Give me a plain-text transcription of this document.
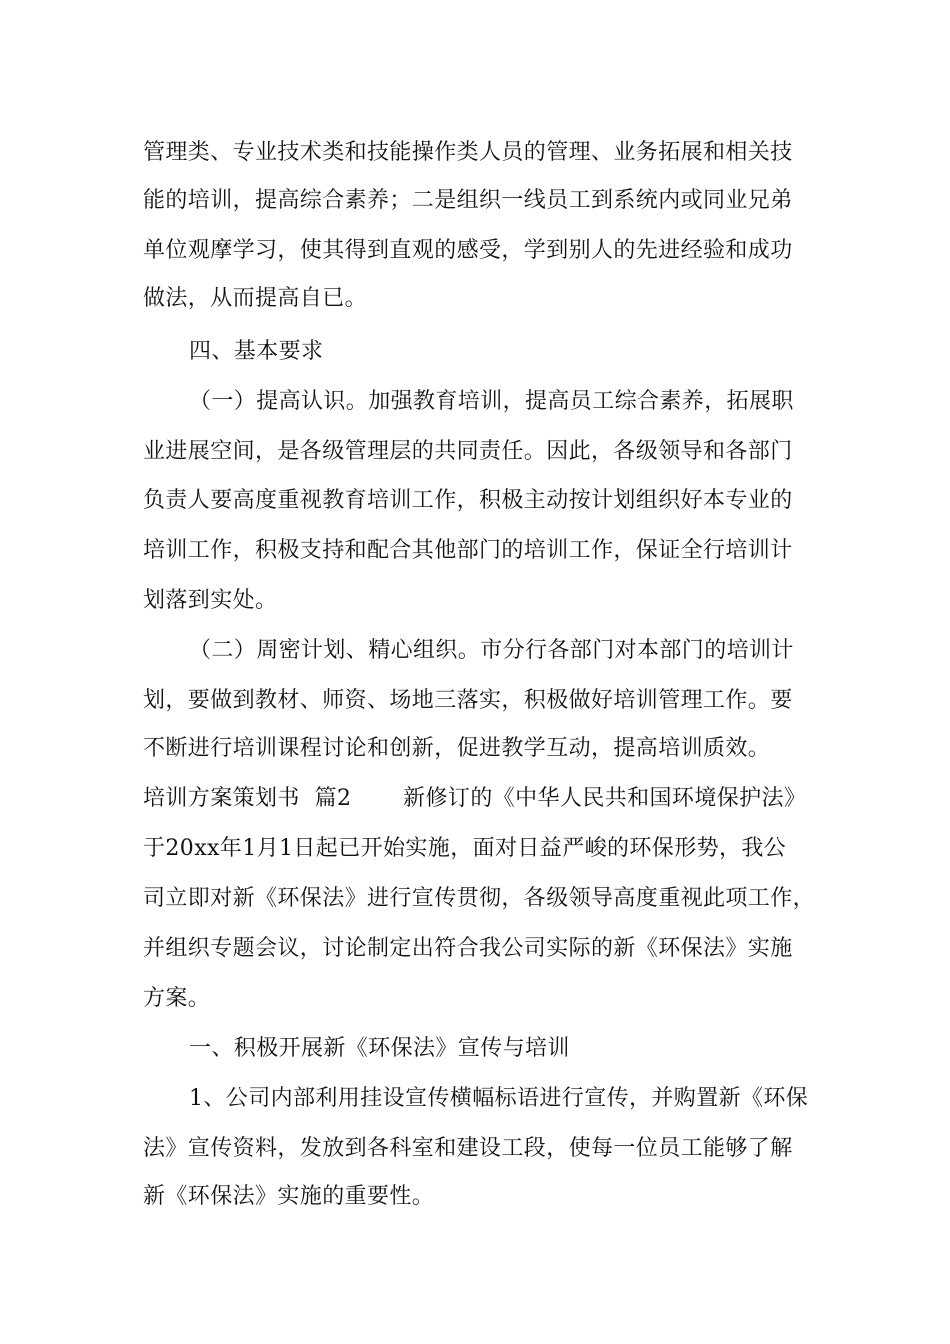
管理类、专业技术类和技能操作类人员的管理、业务拓展和相关技
能的培训，提高综合素养；二是组织一线员工到系统内或同业兄弟
单位观摩学习，使其得到直观的感受，学到别人的先进经验和成功
做法，从而提高自已。
四、基本要求
（一）提高认识。加强教育培训，提高员工综合素养，拓展职
业进展空间，是各级管理层的共同责任。因此，各级领导和各部门
负责人要高度重视教育培训工作，积极主动按计划组织好本专业的
培训工作，积极支持和配合其他部门的培训工作，保证全行培训计
划落到实处。
（二）周密计划、精心组织。市分行各部门对本部门的培训计
划，要做到教材、师资、场地三落实，积极做好培训管理工作。要
不断进行培训课程讨论和创新，促进教学互动，提高培训质效。
培训方案策划书  篇2       新修订的《中华人民共和国环境保护法》
于20xx年1月1日起已开始实施，面对日益严峻的环保形势，我公
司立即对新《环保法》进行宣传贯彻，各级领导高度重视此项工作，
并组织专题会议，讨论制定出符合我公司实际的新《环保法》实施
方案。
一、积极开展新《环保法》宣传与培训
1、公司内部利用挂设宣传横幅标语进行宣传，并购置新《环保
法》宣传资料，发放到各科室和建设工段，使每一位员工能够了解
新《环保法》实施的重要性。
